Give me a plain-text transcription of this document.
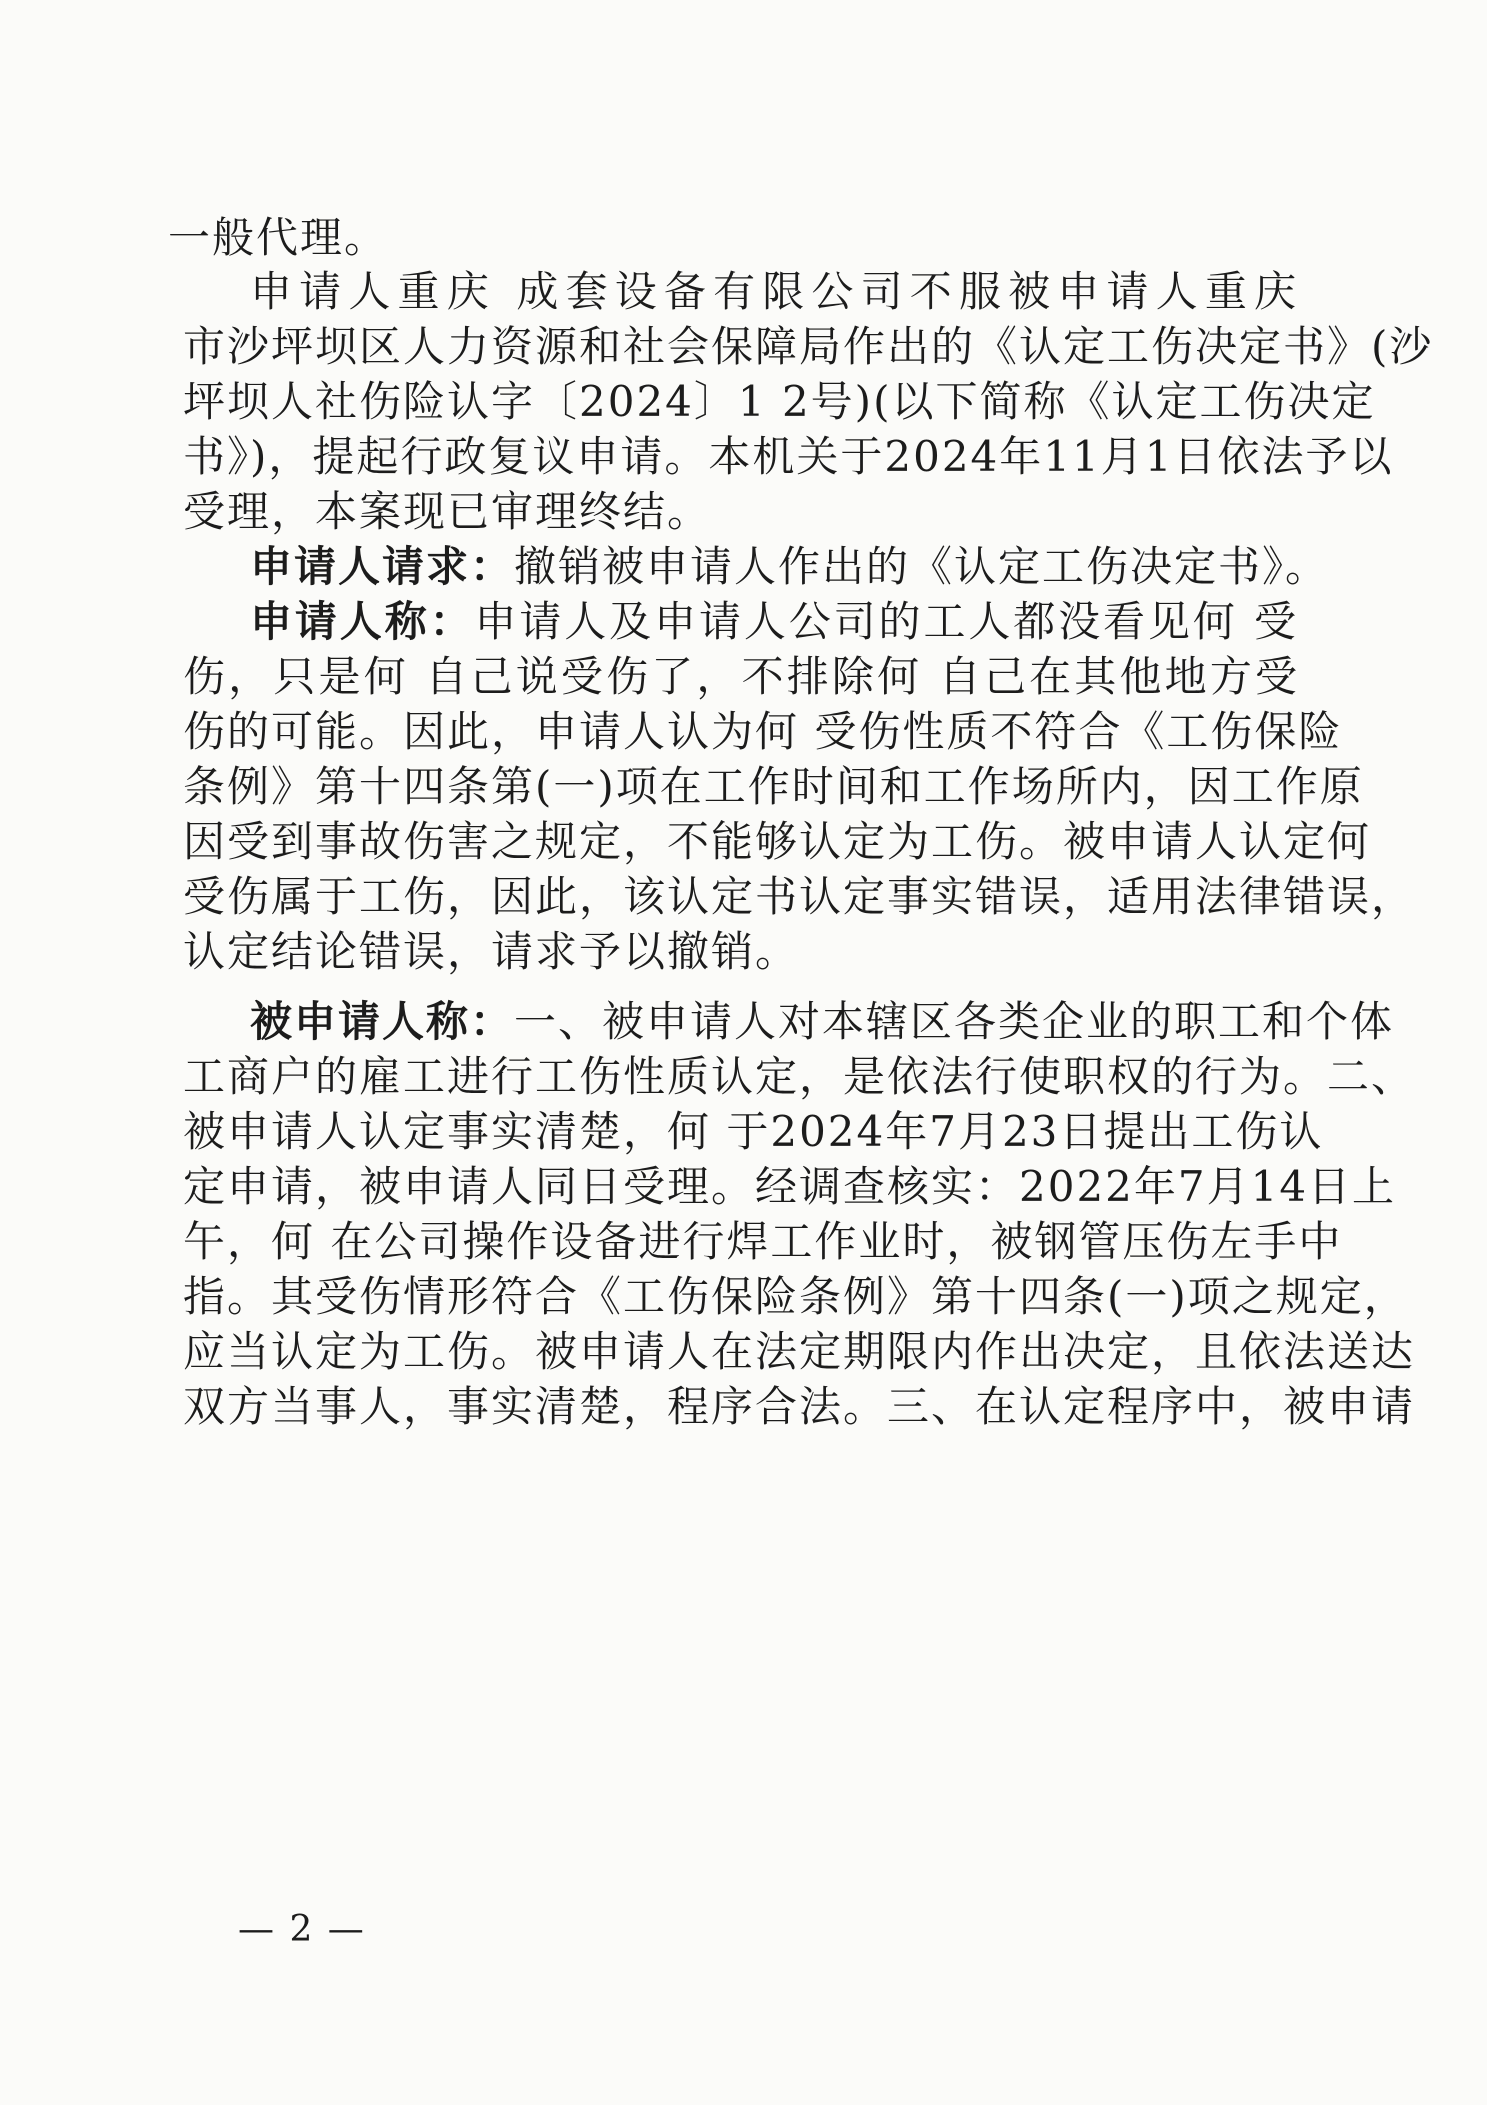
一般代理。
申请人重庆 成套设备有限公司不服被申请人重庆
市沙坪坝区人力资源和社会保障局作出的《认定工伤决定书》(沙
坪坝人社伤险认字〔2024〕1 2号)(以下简称《认定工伤决定
书》)，提起行政复议申请。本机关于2024年11月1日依法予以
受理，本案现已审理终结。
申请人请求：撤销被申请人作出的《认定工伤决定书》。
申请人称：申请人及申请人公司的工人都没看见何 受
伤，只是何 自己说受伤了，不排除何 自己在其他地方受
伤的可能。因此，申请人认为何 受伤性质不符合《工伤保险
条例》第十四条第(一)项在工作时间和工作场所内，因工作原
因受到事故伤害之规定，不能够认定为工伤。被申请人认定何
受伤属于工伤，因此，该认定书认定事实错误，适用法律错误，
认定结论错误，请求予以撤销。
被申请人称：一、被申请人对本辖区各类企业的职工和个体
工商户的雇工进行工伤性质认定，是依法行使职权的行为。二、
被申请人认定事实清楚，何 于2024年7月23日提出工伤认
定申请，被申请人同日受理。经调查核实：2022年7月14日上
午，何 在公司操作设备进行焊工作业时，被钢管压伤左手中
指。其受伤情形符合《工伤保险条例》第十四条(一)项之规定，
应当认定为工伤。被申请人在法定期限内作出决定，且依法送达
双方当事人，事实清楚，程序合法。三、在认定程序中，被申请
— 2 —
